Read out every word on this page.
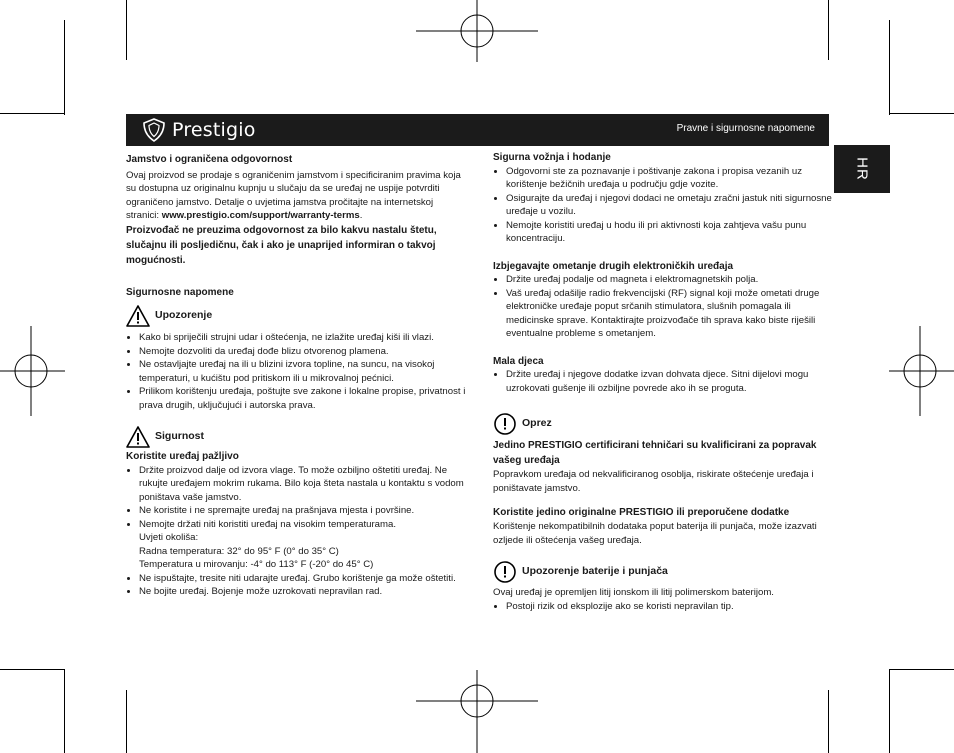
Prestigio	Pravne i sigurnosne napomene
HR

Jamstvo i ograničena odgovornost

Ovaj proizvod se prodaje s ograničenim jamstvom i specificiranim pravima koja su dostupna uz originalnu kupnju u slučaju da se uređaj ne uspije potvrditi ograničeno jamstvo. Detalje o uvjetima jamstva pročitajte na internetskoj stranici: www.prestigio.com/support/warranty-terms.

Proizvođač ne preuzima odgovornost za bilo kakvu nastalu štetu, slučajnu ili posljedičnu, čak i ako je unaprijed informiran o takvoj mogućnosti.

Sigurnosne napomene

Upozorenje
• Kako bi spriječili strujni udar i oštećenja, ne izlažite uređaj kiši ili vlazi.
• Nemojte dozvoliti da uređaj dođe blizu otvorenog plamena.
• Ne ostavljajte uređaj na ili u blizini izvora topline, na suncu, na visokoj temperaturi, u kućištu pod pritiskom ili u mikrovalnoj pećnici.
• Prilikom korištenju uređaja, poštujte sve zakone i lokalne propise, privatnost i prava drugih, uključujući i autorska prava.
Sigurnost

Koristite uređaj pažljivo

• Držite proizvod dalje od izvora vlage. To može ozbiljno oštetiti uređaj. Ne rukujte uređajem mokrim rukama. Bilo koja šteta nastala u kontaktu s vodom poništava vaše jamstvo.
• Ne koristite i ne spremajte uređaj na prašnjava mjesta i površine.
• Nemojte držati niti koristiti uređaj na visokim temperaturama.
Uvjeti okoliša:
Radna temperatura: 32° do 95° F (0° do 35° C)
Temperatura u mirovanju: -4° do 113° F (-20° do 45° C)
• Ne ispuštajte, tresite niti udarajte uređaj. Grubo korištenje ga može oštetiti.
• Ne bojite uređaj. Bojenje može uzrokovati nepravilan rad.

Sigurna vožnja i hodanje

• Odgovorni ste za poznavanje i poštivanje zakona i propisa vezanih uz korištenje bežičnih uređaja u području gdje vozite.
• Osigurajte da uređaj i njegovi dodaci ne ometaju zračni jastuk niti sigurnosne uređaje u vozilu.
• Nemojte koristiti uređaj u hodu ili pri aktivnosti koja zahtjeva vašu punu koncentraciju.

Izbjegavajte ometanje drugih elektroničkih uređaja

• Držite uređaj podalje od magneta i elektromagnetskih polja.
• Vaš uređaj odašilje radio frekvencijski (RF) signal koji može ometati druge elektroničke uređaje poput srčanih stimulatora, slušnih pomagala ili medicinske sprave. Kontaktirajte proizvođače tih sprava kako biste riješili eventualne probleme s ometanjem.

Mala djeca

• Držite uređaj i njegove dodatke izvan dohvata djece. Sitni dijelovi mogu uzrokovati gušenje ili ozbiljne povrede ako ih se proguta.
Oprez

Jedino PRESTIGIO certificirani tehničari su kvalificirani za popravak vašeg uređaja

Popravkom uređaja od nekvalificiranog osoblja, riskirate oštećenje uređaja i poništavate jamstvo.

Koristite jedino originalne PRESTIGIO ili preporučene dodatke

Korištenje nekompatibilnih dodataka poput baterija ili punjača, može izazvati ozljede ili oštećenja vašeg uređaja.

Upozorenje baterije i punjača

Ovaj uređaj je opremljen litij ionskom ili litij polimerskom baterijom.

• Postoji rizik od eksplozije ako se koristi nepravilan tip.
